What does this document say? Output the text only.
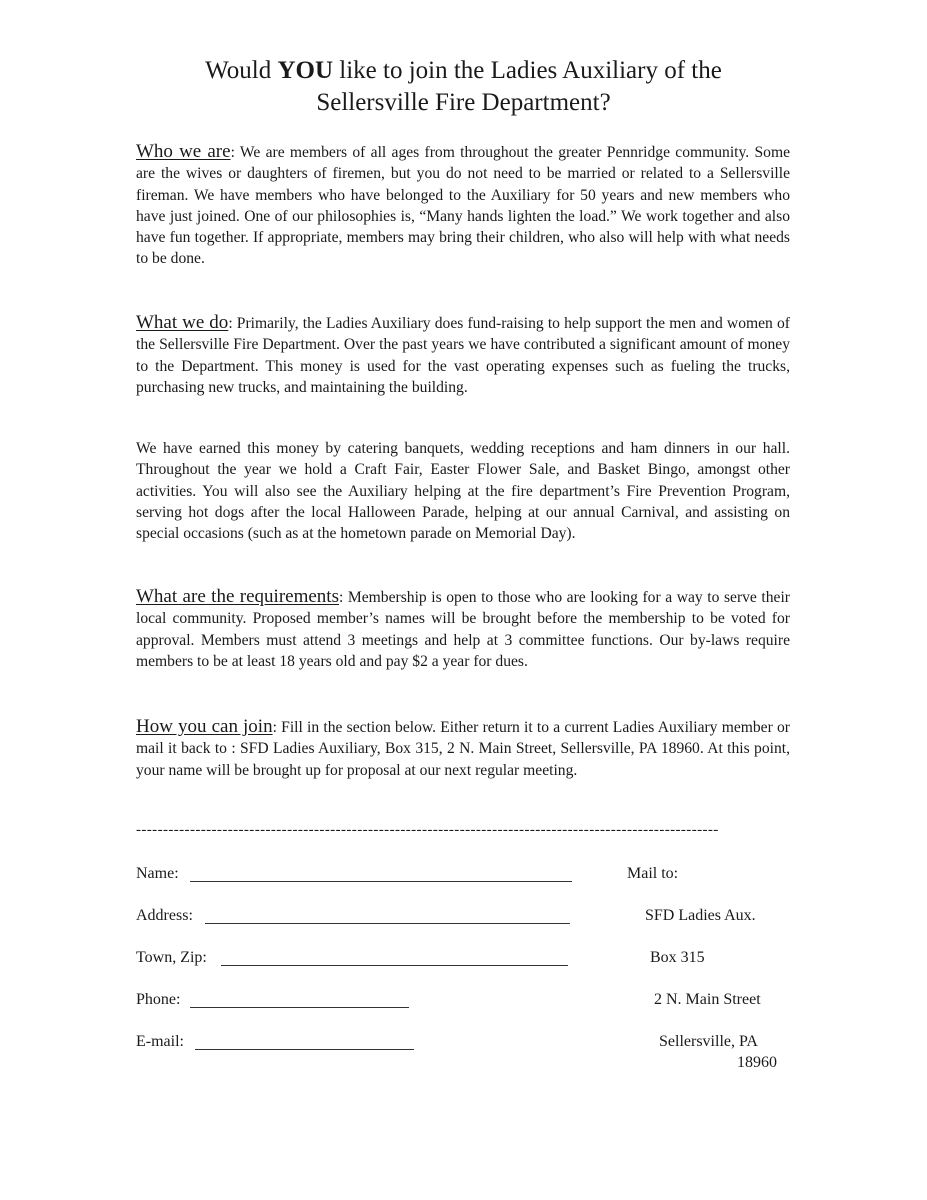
Would YOU like to join the Ladies Auxiliary of the
Sellersville Fire Department?

Who we are: We are members of all ages from throughout the greater Pennridge community. Some are the wives or daughters of firemen, but you do not need to be married or related to a Sellersville fireman. We have members who have belonged to the Auxiliary for 50 years and new members who have just joined. One of our philosophies is, “Many hands lighten the load.” We work together and also have fun together. If appropriate, members may bring their children, who also will help with what needs to be done.

What we do: Primarily, the Ladies Auxiliary does fund-raising to help support the men and women of the Sellersville Fire Department. Over the past years we have contributed a significant amount of money to the Department. This money is used for the vast operating expenses such as fueling the trucks, purchasing new trucks, and maintaining the building.

We have earned this money by catering banquets, wedding receptions and ham dinners in our hall. Throughout the year we hold a Craft Fair, Easter Flower Sale, and Basket Bingo, amongst other activities. You will also see the Auxiliary helping at the fire department’s Fire Prevention Program, serving hot dogs after the local Halloween Parade, helping at our annual Carnival, and assisting on special occasions (such as at the hometown parade on Memorial Day).

What are the requirements: Membership is open to those who are looking for a way to serve their local community. Proposed member’s names will be brought before the membership to be voted for approval. Members must attend 3 meetings and help at 3 committee functions. Our by-laws require members to be at least 18 years old and pay $2 a year for dues.

How you can join: Fill in the section below. Either return it to a current Ladies Auxiliary member or mail it back to : SFD Ladies Auxiliary, Box 315, 2 N. Main Street, Sellersville, PA 18960. At this point, your name will be brought up for proposal at our next regular meeting.

------------------------------------------------------------------------------------------------------------
Name:
Address:
Town, Zip:
Phone:
E-mail:
Mail to:
SFD Ladies Aux.
Box 315
2 N. Main Street
Sellersville, PA
18960
